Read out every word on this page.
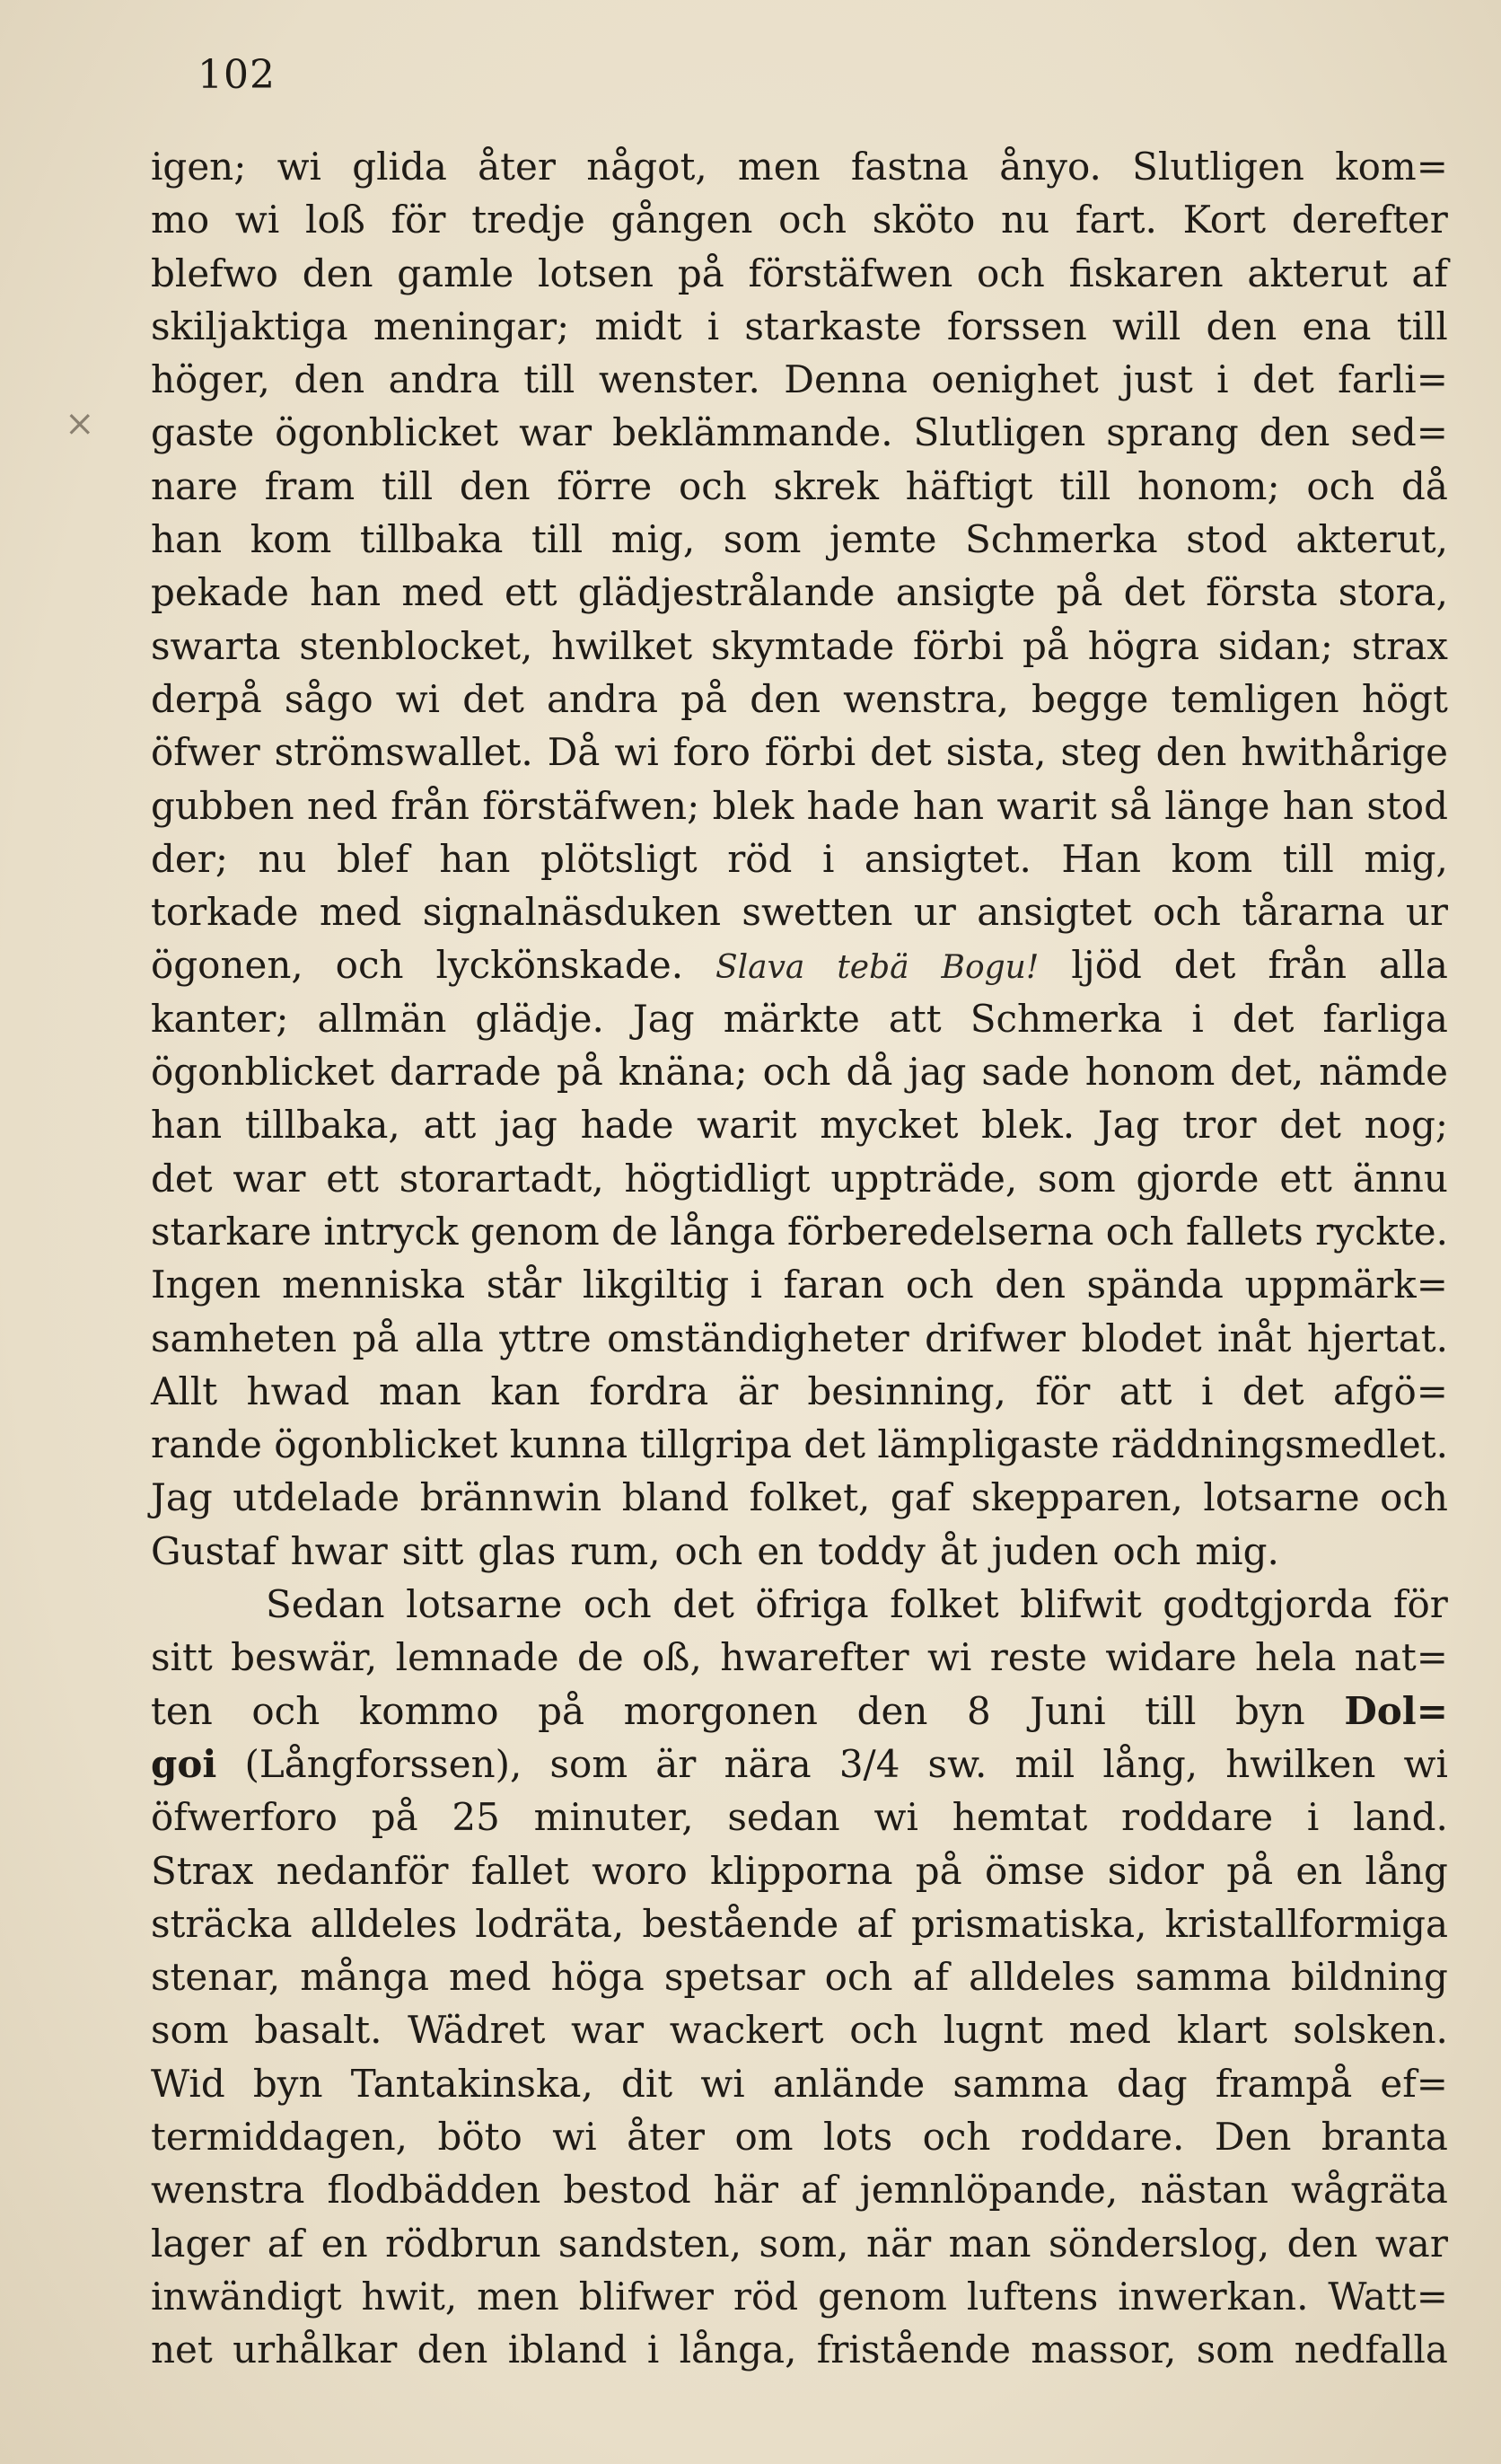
102
×
igen; wi glida åter något, men fastna ånyo. Slutligen kom=
mo wi loß för tredje gången och sköto nu fart. Kort derefter
blefwo den gamle lotsen på förstäfwen och fiskaren akterut af
skiljaktiga meningar; midt i starkaste forssen will den ena till
höger, den andra till wenster. Denna oenighet just i det farli=
gaste ögonblicket war beklämmande. Slutligen sprang den sed=
nare fram till den förre och skrek häftigt till honom; och då
han kom tillbaka till mig, som jemte Schmerka stod akterut,
pekade han med ett glädjestrålande ansigte på det första stora,
swarta stenblocket, hwilket skymtade förbi på högra sidan; strax
derpå sågo wi det andra på den wenstra, begge temligen högt
öfwer strömswallet. Då wi foro förbi det sista, steg den hwithårige
gubben ned från förstäfwen; blek hade han warit så länge han stod
der; nu blef han plötsligt röd i ansigtet. Han kom till mig,
torkade med signalnäsduken swetten ur ansigtet och tårarna ur
ögonen, och lyckönskade. Slava tebä Bogu! ljöd det från alla
kanter; allmän glädje. Jag märkte att Schmerka i det farliga
ögonblicket darrade på knäna; och då jag sade honom det, nämde
han tillbaka, att jag hade warit mycket blek. Jag tror det nog;
det war ett storartadt, högtidligt uppträde, som gjorde ett ännu
starkare intryck genom de långa förberedelserna och fallets ryckte.
Ingen menniska står likgiltig i faran och den spända uppmärk=
samheten på alla yttre omständigheter drifwer blodet inåt hjertat.
Allt hwad man kan fordra är besinning, för att i det afgö=
rande ögonblicket kunna tillgripa det lämpligaste räddningsmedlet.
Jag utdelade brännwin bland folket, gaf skepparen, lotsarne och
Gustaf hwar sitt glas rum, och en toddy åt juden och mig.
Sedan lotsarne och det öfriga folket blifwit godtgjorda för
sitt beswär, lemnade de oß, hwarefter wi reste widare hela nat=
ten och kommo på morgonen den 8 Juni till byn Dol=
goi (Långforssen), som är nära 3/4 sw. mil lång, hwilken wi
öfwerforo på 25 minuter, sedan wi hemtat roddare i land.
Strax nedanför fallet woro klipporna på ömse sidor på en lång
sträcka alldeles lodräta, bestående af prismatiska, kristallformiga
stenar, många med höga spetsar och af alldeles samma bildning
som basalt. Wädret war wackert och lugnt med klart solsken.
Wid byn Tantakinska, dit wi anlände samma dag frampå ef=
termiddagen, böto wi åter om lots och roddare. Den branta
wenstra flodbädden bestod här af jemnlöpande, nästan wågräta
lager af en rödbrun sandsten, som, när man sönderslog, den war
inwändigt hwit, men blifwer röd genom luftens inwerkan. Watt=
net urhålkar den ibland i långa, fristående massor, som nedfalla
